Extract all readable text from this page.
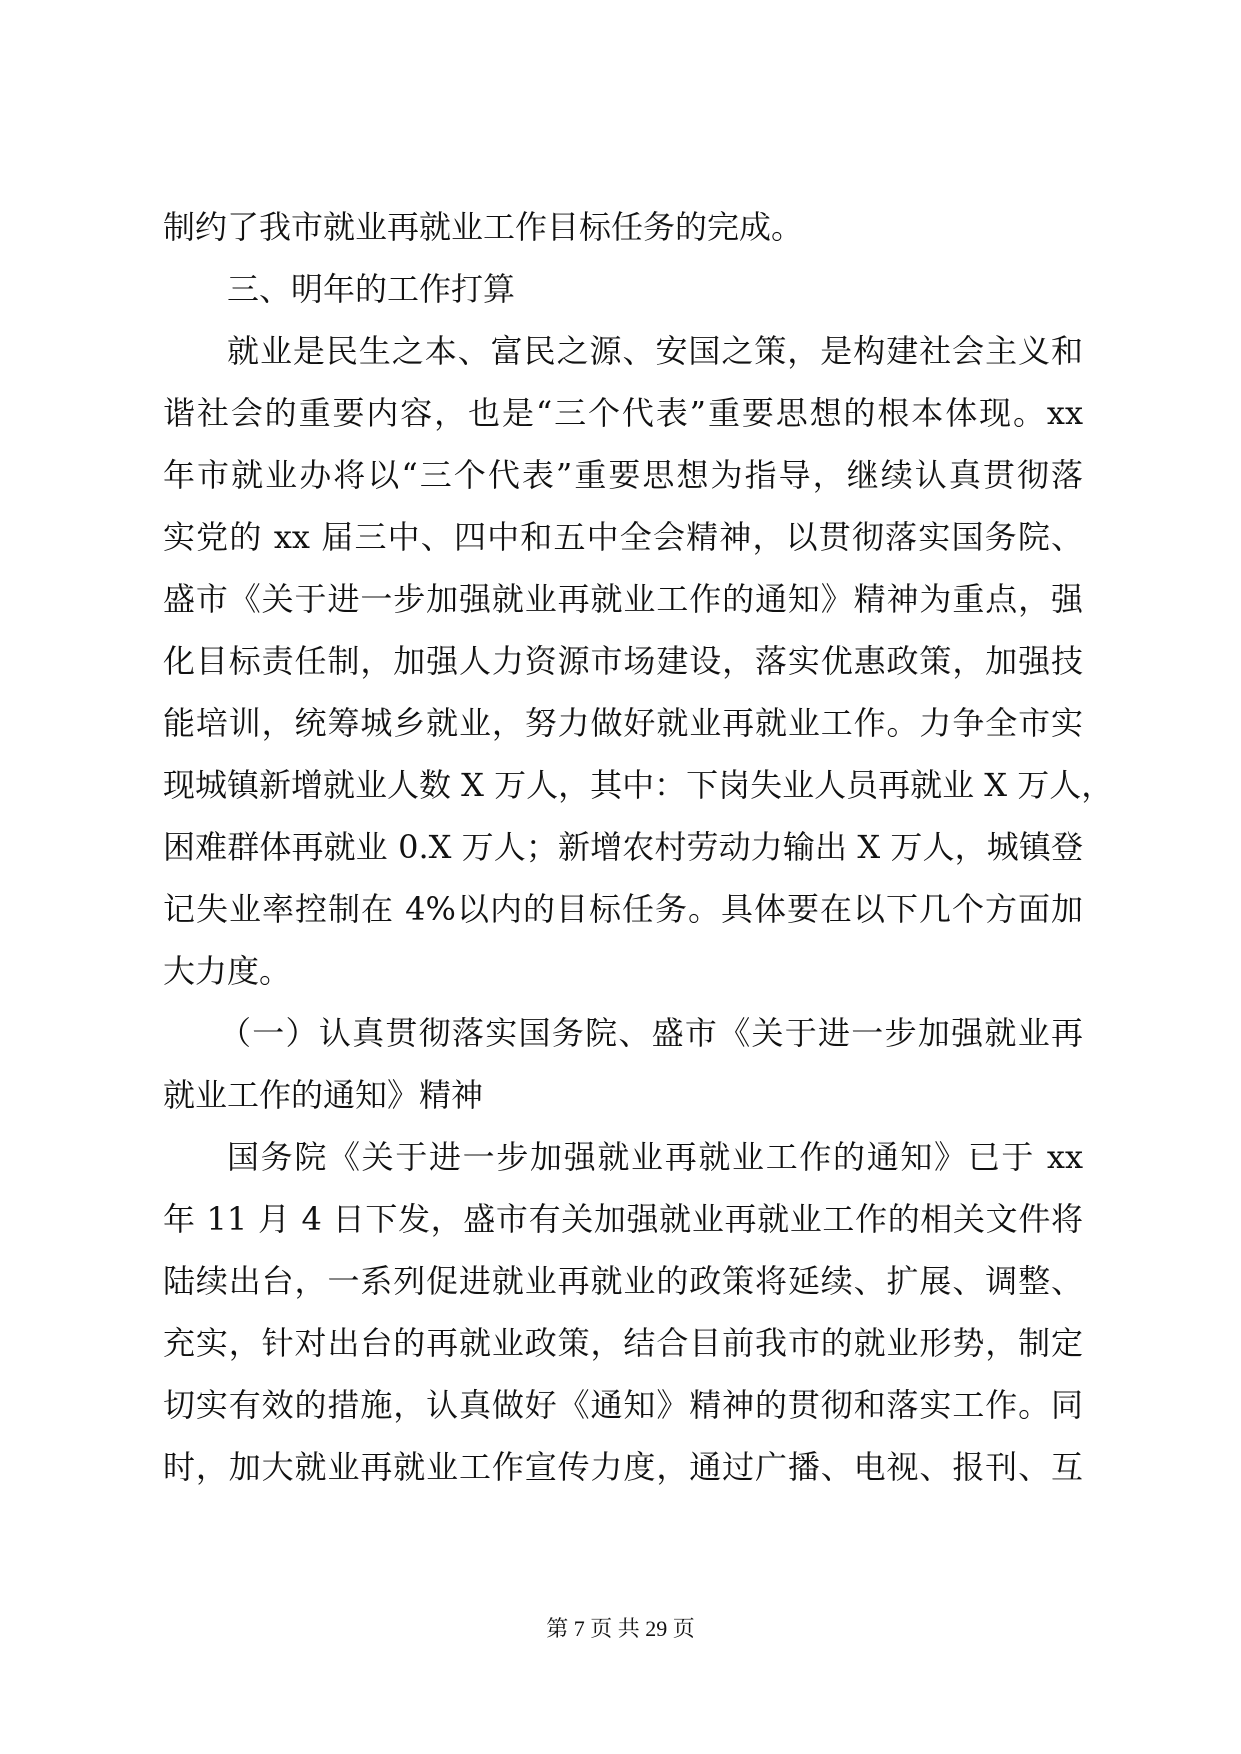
制约了我市就业再就业工作目标任务的完成。
三、明年的工作打算
就业是民生之本、富民之源、安国之策，是构建社会主义和
谐社会的重要内容，也是“三个代表”重要思想的根本体现。xx
年市就业办将以“三个代表”重要思想为指导，继续认真贯彻落
实党的 xx 届三中、四中和五中全会精神，以贯彻落实国务院、
盛市《关于进一步加强就业再就业工作的通知》精神为重点，强
化目标责任制，加强人力资源市场建设，落实优惠政策，加强技
能培训，统筹城乡就业，努力做好就业再就业工作。力争全市实
现城镇新增就业人数 X 万人，其中：下岗失业人员再就业 X 万人，
困难群体再就业 0.X 万人；新增农村劳动力输出 X 万人，城镇登
记失业率控制在 4%以内的目标任务。具体要在以下几个方面加
大力度。
（一）认真贯彻落实国务院、盛市《关于进一步加强就业再
就业工作的通知》精神
国务院《关于进一步加强就业再就业工作的通知》已于 xx
年 11 月 4 日下发，盛市有关加强就业再就业工作的相关文件将
陆续出台，一系列促进就业再就业的政策将延续、扩展、调整、
充实，针对出台的再就业政策，结合目前我市的就业形势，制定
切实有效的措施，认真做好《通知》精神的贯彻和落实工作。同
时，加大就业再就业工作宣传力度，通过广播、电视、报刊、互
第 7 页 共 29 页
